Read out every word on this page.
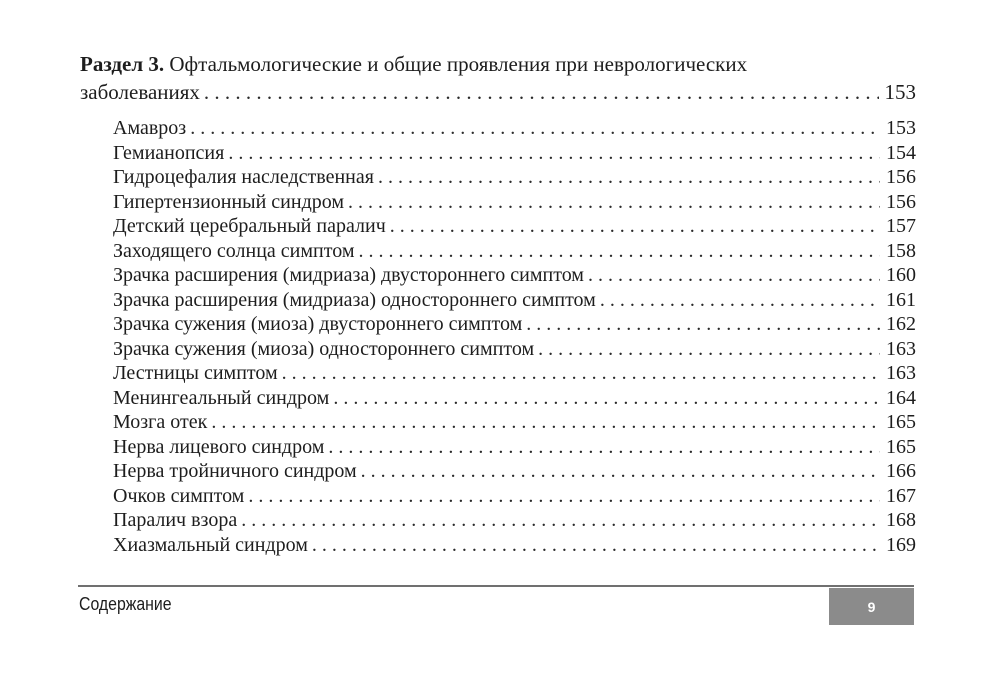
Раздел 3. Офтальмологические и общие проявления при неврологических
заболеваниях . . .	153
Амавроз . . .	153
Гемианопсия . . .	154
Гидроцефалия наследственная . . .	156
Гипертензионный синдром . . .	156
Детский церебральный паралич . . .	157
Заходящего солнца симптом . . .	158
Зрачка расширения (мидриаза) двустороннего симптом . . .	160
Зрачка расширения (мидриаза) одностороннего симптом . . .	161
Зрачка сужения (миоза) двустороннего симптом . . .	162
Зрачка сужения (миоза) одностороннего симптом . . .	163
Лестницы симптом . . .	163
Менингеальный синдром . . .	164
Мозга отек . . .	165
Нерва лицевого синдром . . .	165
Нерва тройничного синдром . . .	166
Очков симптом . . .	167
Паралич взора . . .	168
Хиазмальный синдром . . .	169
Содержание	9
